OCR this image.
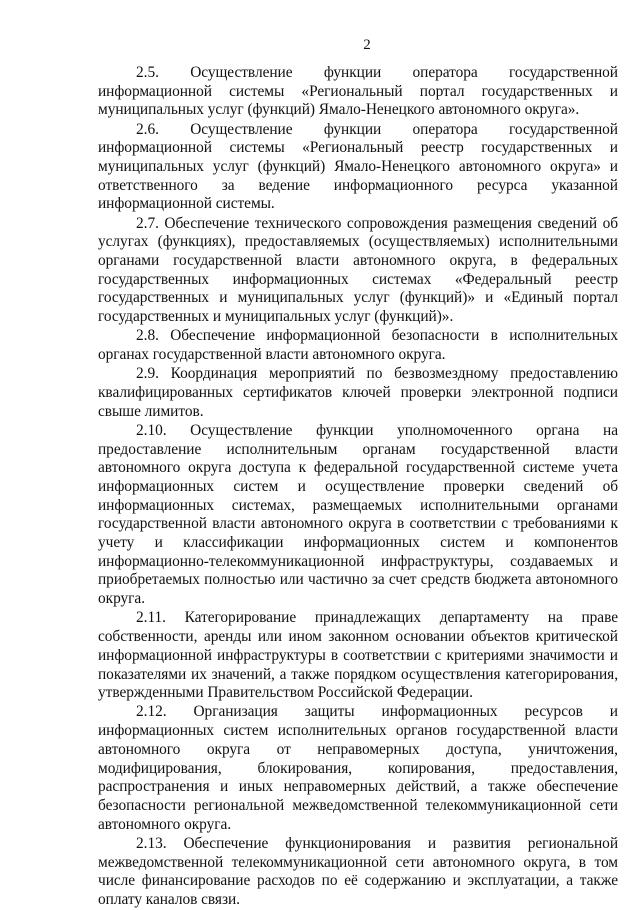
2

2.5. Осуществление функции оператора государственной информационной системы «Региональный портал государственных и муниципальных услуг (функций) Ямало-Ненецкого автономного округа».

2.6. Осуществление функции оператора государственной информационной системы «Региональный реестр государственных и муниципальных услуг (функций) Ямало-Ненецкого автономного округа» и ответственного за ведение информационного ресурса указанной информационной системы.

2.7. Обеспечение технического сопровождения размещения сведений об услугах (функциях), предоставляемых (осуществляемых) исполнительными органами государственной власти автономного округа, в федеральных государственных информационных системах «Федеральный реестр государственных и муниципальных услуг (функций)» и «Единый портал государственных и муниципальных услуг (функций)».

2.8. Обеспечение информационной безопасности в исполнительных органах государственной власти автономного округа.

2.9. Координация мероприятий по безвозмездному предоставлению квалифицированных сертификатов ключей проверки электронной подписи свыше лимитов.

2.10. Осуществление функции уполномоченного органа на предоставление исполнительным органам государственной власти автономного округа доступа к федеральной государственной системе учета информационных систем и осуществление проверки сведений об информационных системах, размещаемых исполнительными органами государственной власти автономного округа в соответствии с требованиями к учету и классификации информационных систем и компонентов информационно-телекоммуникационной инфраструктуры, создаваемых и приобретаемых полностью или частично за счет средств бюджета автономного округа.

2.11. Категорирование принадлежащих департаменту на праве собственности, аренды или ином законном основании объектов критической информационной инфраструктуры в соответствии с критериями значимости и показателями их значений, а также порядком осуществления категорирования, утвержденными Правительством Российской Федерации.

2.12. Организация защиты информационных ресурсов и информационных систем исполнительных органов государственной власти автономного округа от неправомерных доступа, уничтожения, модифицирования, блокирования, копирования, предоставления, распространения и иных неправомерных действий, а также обеспечение безопасности региональной межведомственной телекоммуникационной сети автономного округа.

2.13. Обеспечение функционирования и развития региональной межведомственной телекоммуникационной сети автономного округа, в том числе финансирование расходов по её содержанию и эксплуатации, а также оплату каналов связи.
